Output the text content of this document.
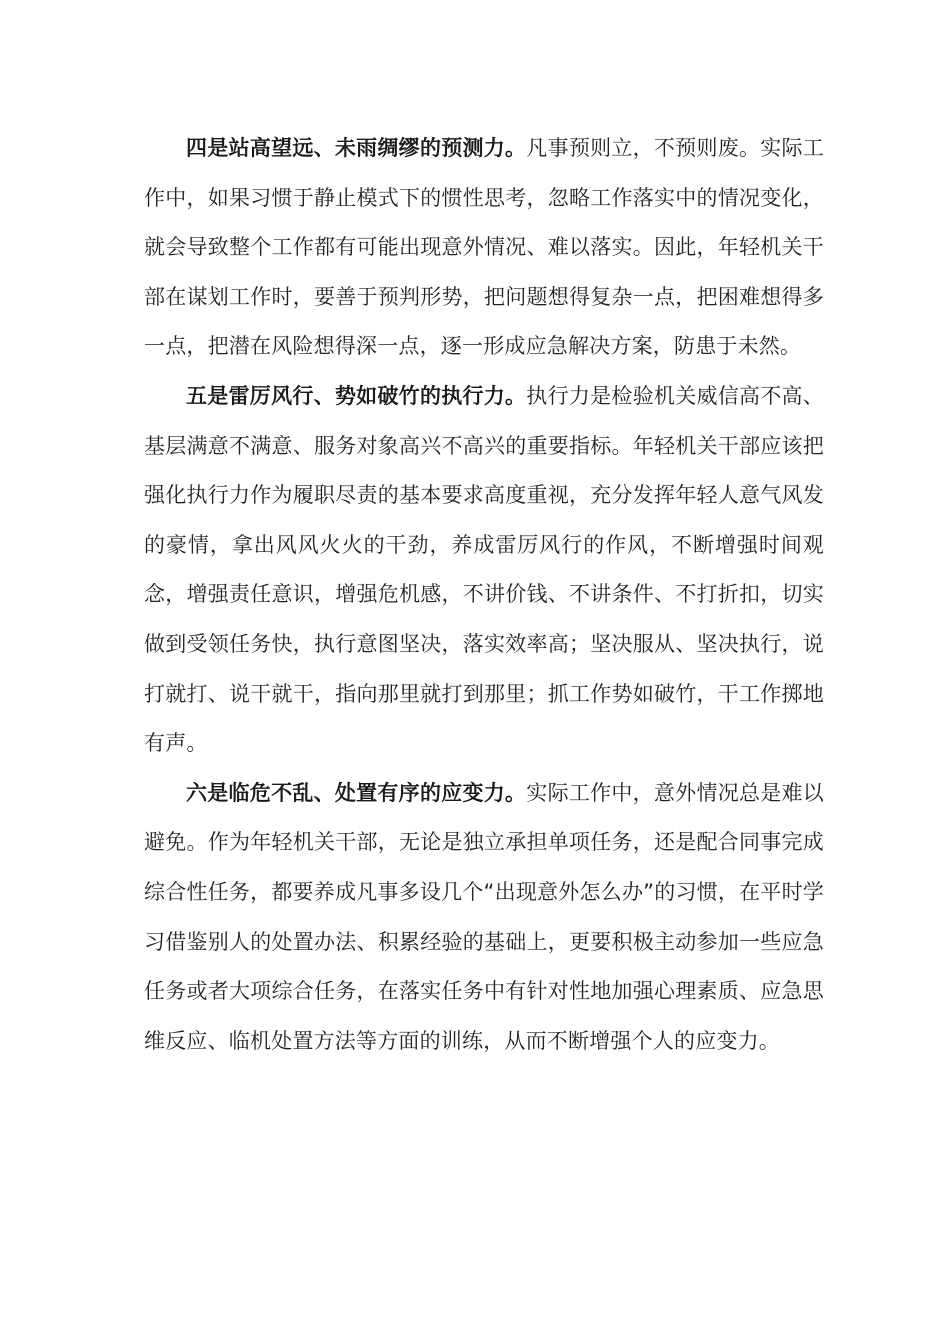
四是站高望远、未雨绸缪的预测力。凡事预则立，不预则废。实际工作中，如果习惯于静止模式下的惯性思考，忽略工作落实中的情况变化，就会导致整个工作都有可能出现意外情况、难以落实。因此，年轻机关干部在谋划工作时，要善于预判形势，把问题想得复杂一点，把困难想得多一点，把潜在风险想得深一点，逐一形成应急解决方案，防患于未然。

五是雷厉风行、势如破竹的执行力。执行力是检验机关威信高不高、基层满意不满意、服务对象高兴不高兴的重要指标。年轻机关干部应该把强化执行力作为履职尽责的基本要求高度重视，充分发挥年轻人意气风发的豪情，拿出风风火火的干劲，养成雷厉风行的作风，不断增强时间观念，增强责任意识，增强危机感，不讲价钱、不讲条件、不打折扣，切实做到受领任务快，执行意图坚决，落实效率高；坚决服从、坚决执行，说打就打、说干就干，指向那里就打到那里；抓工作势如破竹，干工作掷地有声。

六是临危不乱、处置有序的应变力。实际工作中，意外情况总是难以避免。作为年轻机关干部，无论是独立承担单项任务，还是配合同事完成综合性任务，都要养成凡事多设几个“出现意外怎么办”的习惯，在平时学习借鉴别人的处置办法、积累经验的基础上，更要积极主动参加一些应急任务或者大项综合任务，在落实任务中有针对性地加强心理素质、应急思维反应、临机处置方法等方面的训练，从而不断增强个人的应变力。
